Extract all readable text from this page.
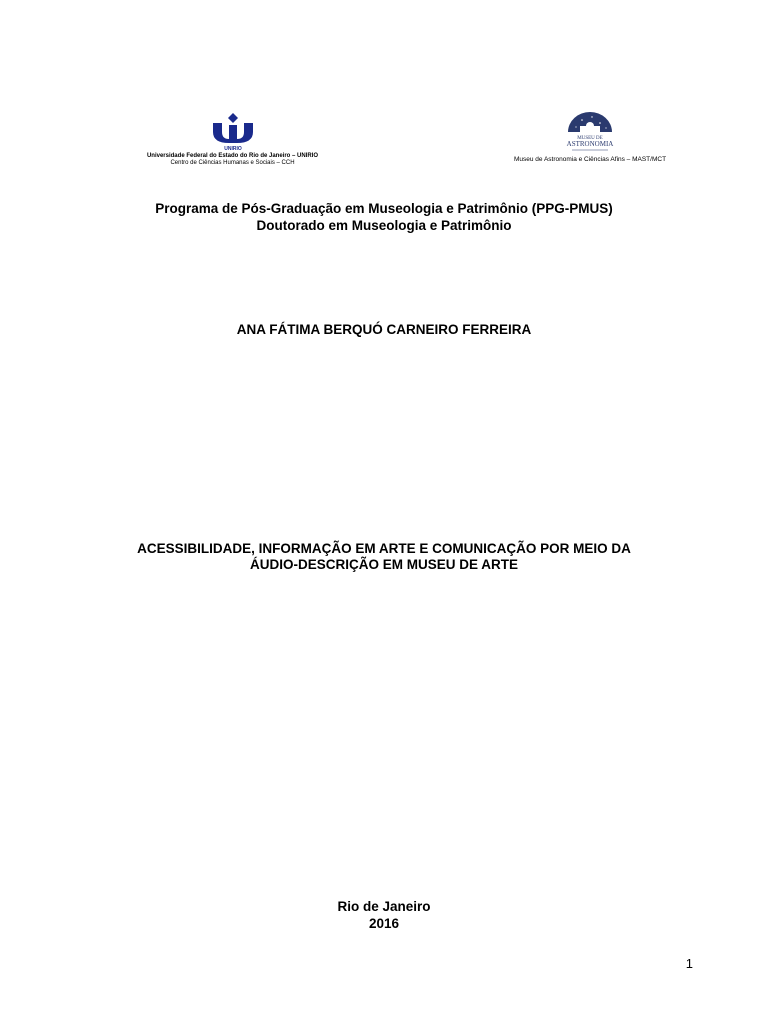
UNIRIO
Universidade Federal do Estado do Rio de Janeiro – UNIRIO
Centro de Ciências Humanas e Sociais – CCH
MUSEU DE
ASTRONOMIA
Museu de Astronomia e Ciências Afins – MAST/MCT
Programa de Pós-Graduação em Museologia e Patrimônio (PPG-PMUS)
Doutorado em Museologia e Patrimônio
ANA FÁTIMA BERQUÓ CARNEIRO FERREIRA
ACESSIBILIDADE, INFORMAÇÃO EM ARTE E COMUNICAÇÃO POR MEIO DA
ÁUDIO-DESCRIÇÃO EM MUSEU DE ARTE
Rio de Janeiro
2016
1
